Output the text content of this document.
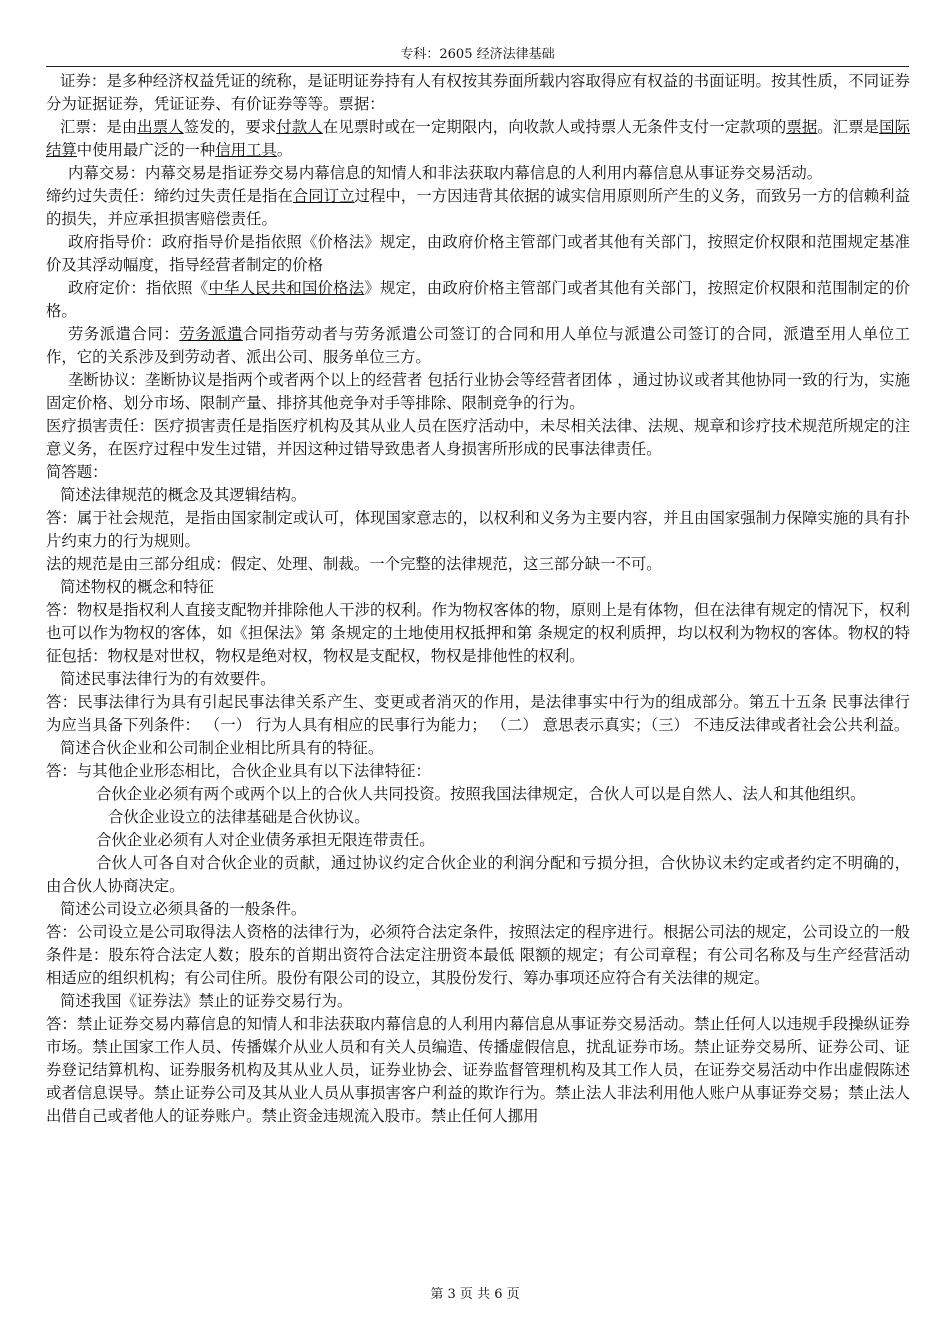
专科：2605 经济法律基础

证券：是多种经济权益凭证的统称，是证明证券持有人有权按其券面所载内容取得应有权益的书面证明。按其性质，不同证券分为证据证券，凭证证券、有价证券等等。票据：

汇票：是由出票人签发的，要求付款人在见票时或在一定期限内，向收款人或持票人无条件支付一定款项的票据。汇票是国际结算中使用最广泛的一种信用工具。

内幕交易：内幕交易是指证券交易内幕信息的知情人和非法获取内幕信息的人利用内幕信息从事证券交易活动。

缔约过失责任：缔约过失责任是指在合同订立过程中，一方因违背其依据的诚实信用原则所产生的义务，而致另一方的信赖利益的损失，并应承担损害赔偿责任。

政府指导价：政府指导价是指依照《价格法》规定，由政府价格主管部门或者其他有关部门，按照定价权限和范围规定基准价及其浮动幅度，指导经营者制定的价格

政府定价：指依照《中华人民共和国价格法》规定，由政府价格主管部门或者其他有关部门，按照定价权限和范围制定的价格。

劳务派遣合同：劳务派遣合同指劳动者与劳务派遣公司签订的合同和用人单位与派遣公司签订的合同，派遣至用人单位工作，它的关系涉及到劳动者、派出公司、服务单位三方。

垄断协议：垄断协议是指两个或者两个以上的经营者 包括行业协会等经营者团体 ，通过协议或者其他协同一致的行为，实施固定价格、划分市场、限制产量、排挤其他竞争对手等排除、限制竞争的行为。

医疗损害责任：医疗损害责任是指医疗机构及其从业人员在医疗活动中，未尽相关法律、法规、规章和诊疗技术规范所规定的注意义务，在医疗过程中发生过错，并因这种过错导致患者人身损害所形成的民事法律责任。

简答题：

简述法律规范的概念及其逻辑结构。

答：属于社会规范，是指由国家制定或认可，体现国家意志的，以权利和义务为主要内容，并且由国家强制力保障实施的具有扑片约束力的行为规则。

法的规范是由三部分组成：假定、处理、制裁。一个完整的法律规范，这三部分缺一不可。

简述物权的概念和特征

答：物权是指权利人直接支配物并排除他人干涉的权利。作为物权客体的物，原则上是有体物，但在法律有规定的情况下，权利也可以作为物权的客体，如《担保法》第 条规定的土地使用权抵押和第 条规定的权利质押，均以权利为物权的客体。物权的特征包括：物权是对世权，物权是绝对权，物权是支配权，物权是排他性的权利。

简述民事法律行为的有效要件。

答：民事法律行为具有引起民事法律关系产生、变更或者消灭的作用，是法律事实中行为的组成部分。第五十五条 民事法律行为应当具备下列条件： （一） 行为人具有相应的民事行为能力； （二） 意思表示真实；（三） 不违反法律或者社会公共利益。

简述合伙企业和公司制企业相比所具有的特征。

答：与其他企业形态相比，合伙企业具有以下法律特征：

合伙企业必须有两个或两个以上的合伙人共同投资。按照我国法律规定，合伙人可以是自然人、法人和其他组织。

合伙企业设立的法律基础是合伙协议。

合伙企业必须有人对企业债务承担无限连带责任。

合伙人可各自对合伙企业的贡献，通过协议约定合伙企业的利润分配和亏损分担，合伙协议未约定或者约定不明确的，由合伙人协商决定。

简述公司设立必须具备的一般条件。

答：公司设立是公司取得法人资格的法律行为，必须符合法定条件，按照法定的程序进行。根据公司法的规定，公司设立的一般条件是：股东符合法定人数；股东的首期出资符合法定注册资本最低 限额的规定；有公司章程；有公司名称及与生产经营活动相适应的组织机构；有公司住所。股份有限公司的设立，其股份发行、筹办事项还应符合有关法律的规定。

简述我国《证券法》禁止的证券交易行为。

答：禁止证券交易内幕信息的知情人和非法获取内幕信息的人利用内幕信息从事证券交易活动。禁止任何人以违规手段操纵证券市场。禁止国家工作人员、传播媒介从业人员和有关人员编造、传播虚假信息，扰乱证券市场。禁止证券交易所、证券公司、证券登记结算机构、证券服务机构及其从业人员，证券业协会、证券监督管理机构及其工作人员，在证券交易活动中作出虚假陈述或者信息误导。禁止证券公司及其从业人员从事损害客户利益的欺诈行为。禁止法人非法利用他人账户从事证券交易；禁止法人出借自己或者他人的证券账户。禁止资金违规流入股市。禁止任何人挪用

第 3 页 共 6 页
